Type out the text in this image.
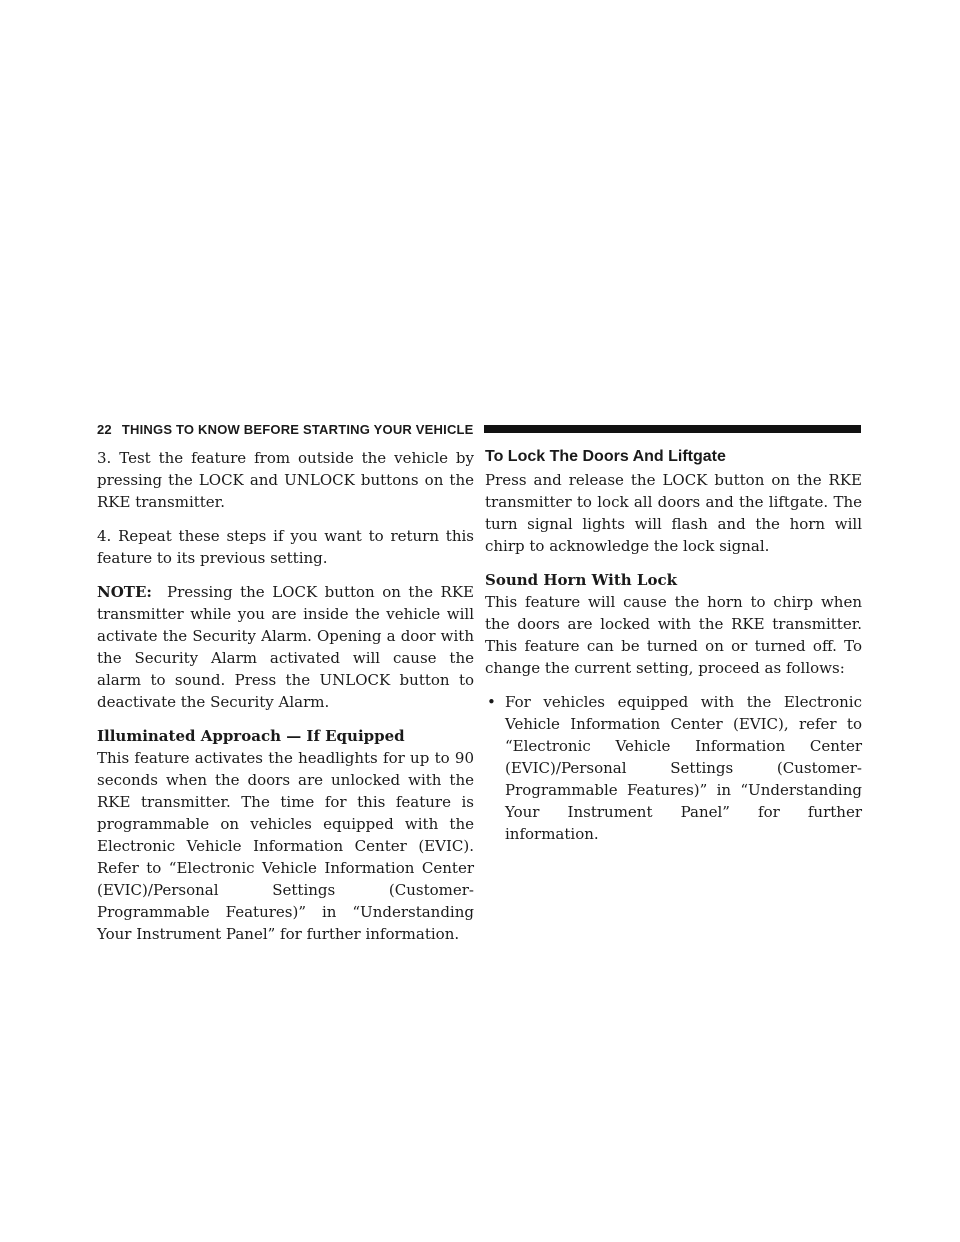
22 THINGS TO KNOW BEFORE STARTING YOUR VEHICLE

3. Test the feature from outside the vehicle by pressing the LOCK and UNLOCK buttons on the RKE transmitter.

4. Repeat these steps if you want to return this feature to its previous setting.

NOTE: Pressing the LOCK button on the RKE transmitter while you are inside the vehicle will activate the Security Alarm. Opening a door with the Security Alarm activated will cause the alarm to sound. Press the UNLOCK button to deactivate the Security Alarm.

Illuminated Approach — If Equipped

This feature activates the headlights for up to 90 seconds when the doors are unlocked with the RKE transmitter. The time for this feature is programmable on vehicles equipped with the Electronic Vehicle Information Center (EVIC). Refer to “Electronic Vehicle Information Center (EVIC)/Personal Settings (Customer-Programmable Features)” in “Understanding Your Instrument Panel” for further information.

To Lock The Doors And Liftgate

Press and release the LOCK button on the RKE transmitter to lock all doors and the liftgate. The turn signal lights will flash and the horn will chirp to acknowledge the lock signal.

Sound Horn With Lock

This feature will cause the horn to chirp when the doors are locked with the RKE transmitter. This feature can be turned on or turned off. To change the current setting, proceed as follows:

• For vehicles equipped with the Electronic Vehicle Information Center (EVIC), refer to “Electronic Vehicle Information Center (EVIC)/Personal Settings (Customer-Programmable Features)” in “Understanding Your Instrument Panel” for further information.
